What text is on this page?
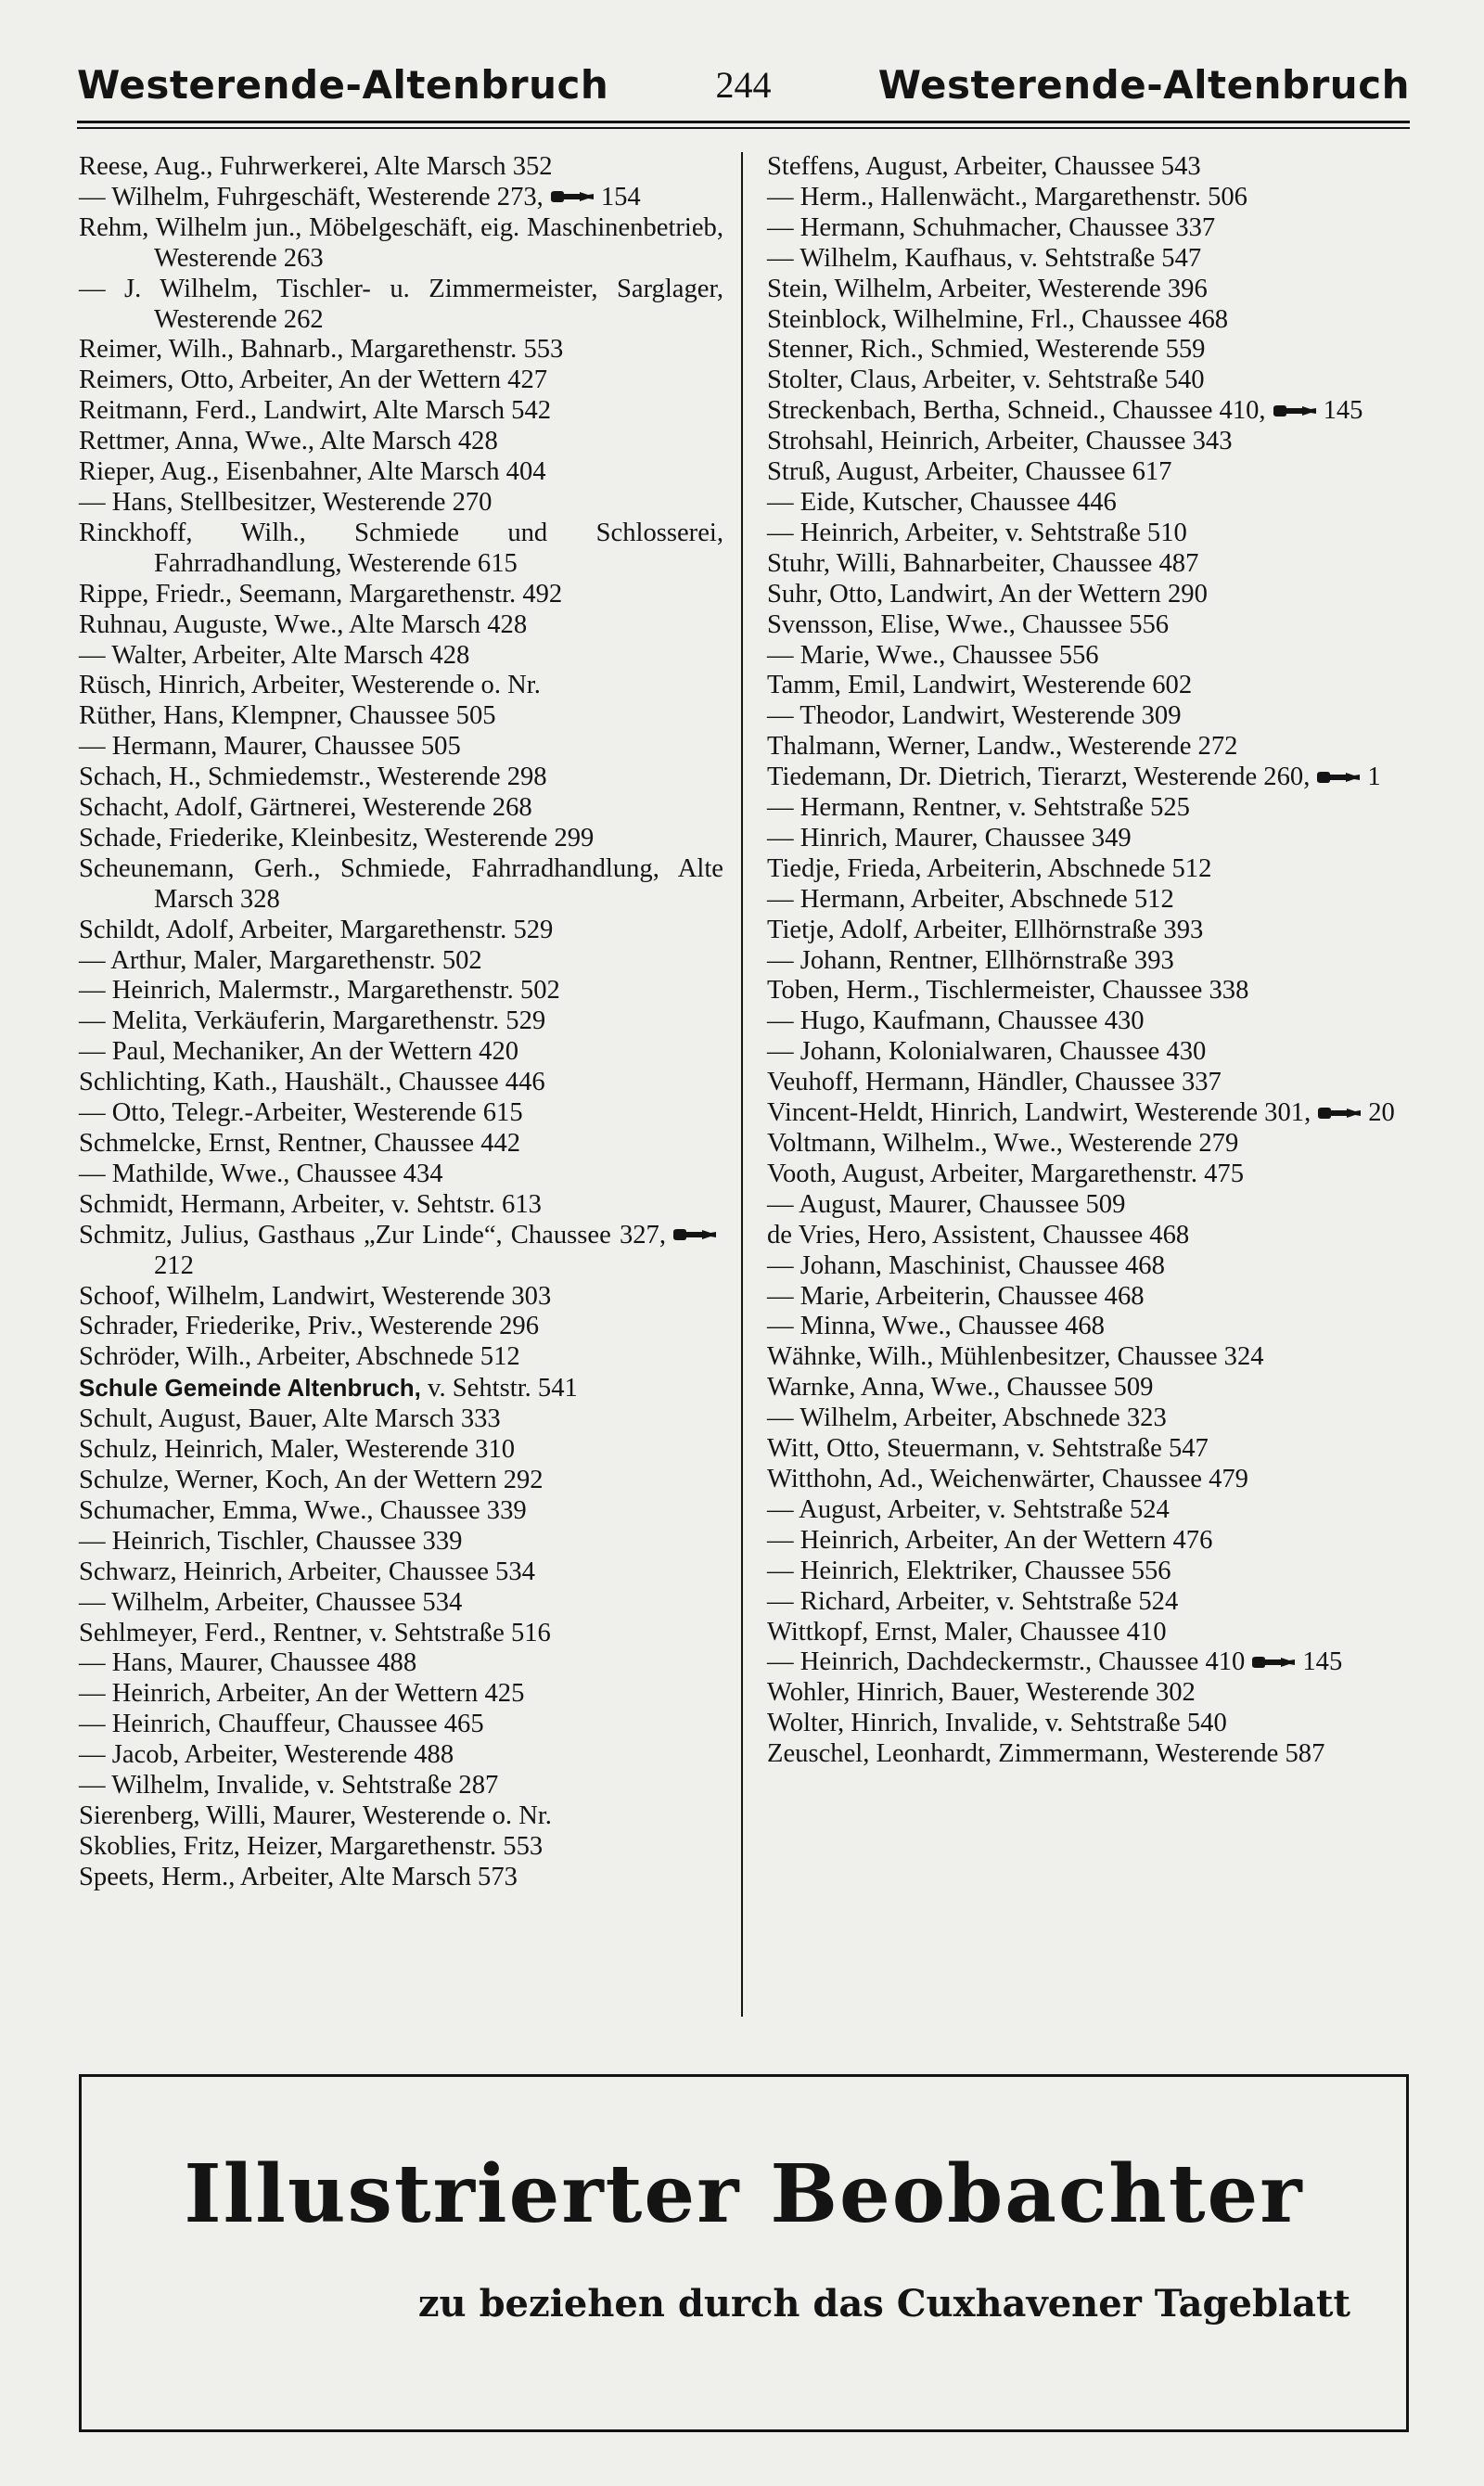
Westerende-Altenbruch	244	Westerende-Altenbruch
Reese, Aug., Fuhrwerkerei, Alte Marsch 352
— Wilhelm, Fuhrgeschäft, Westerende 273, 154
Rehm, Wilhelm jun., Möbelgeschäft, eig. Maschinenbetrieb, Westerende 263
— J. Wilhelm, Tischler- u. Zimmermeister, Sarglager, Westerende 262
Reimer, Wilh., Bahnarb., Margarethenstr. 553
Reimers, Otto, Arbeiter, An der Wettern 427
Reitmann, Ferd., Landwirt, Alte Marsch 542
Rettmer, Anna, Wwe., Alte Marsch 428
Rieper, Aug., Eisenbahner, Alte Marsch 404
— Hans, Stellbesitzer, Westerende 270
Rinckhoff, Wilh., Schmiede und Schlosserei, Fahrradhandlung, Westerende 615
Rippe, Friedr., Seemann, Margarethenstr. 492
Ruhnau, Auguste, Wwe., Alte Marsch 428
— Walter, Arbeiter, Alte Marsch 428
Rüsch, Hinrich, Arbeiter, Westerende o. Nr.
Rüther, Hans, Klempner, Chaussee 505
— Hermann, Maurer, Chaussee 505
Schach, H., Schmiedemstr., Westerende 298
Schacht, Adolf, Gärtnerei, Westerende 268
Schade, Friederike, Kleinbesitz, Westerende 299
Scheunemann, Gerh., Schmiede, Fahrradhandlung, Alte Marsch 328
Schildt, Adolf, Arbeiter, Margarethenstr. 529
— Arthur, Maler, Margarethenstr. 502
— Heinrich, Malermstr., Margarethenstr. 502
— Melita, Verkäuferin, Margarethenstr. 529
— Paul, Mechaniker, An der Wettern 420
Schlichting, Kath., Haushält., Chaussee 446
— Otto, Telegr.-Arbeiter, Westerende 615
Schmelcke, Ernst, Rentner, Chaussee 442
— Mathilde, Wwe., Chaussee 434
Schmidt, Hermann, Arbeiter, v. Sehtstr. 613
Schmitz, Julius, Gasthaus „Zur Linde“, Chaussee 327,212
Schoof, Wilhelm, Landwirt, Westerende 303
Schrader, Friederike, Priv., Westerende 296
Schröder, Wilh., Arbeiter, Abschnede 512
Schule Gemeinde Altenbruch, v. Sehtstr. 541
Schult, August, Bauer, Alte Marsch 333
Schulz, Heinrich, Maler, Westerende 310
Schulze, Werner, Koch, An der Wettern 292
Schumacher, Emma, Wwe., Chaussee 339
— Heinrich, Tischler, Chaussee 339
Schwarz, Heinrich, Arbeiter, Chaussee 534
— Wilhelm, Arbeiter, Chaussee 534
Sehlmeyer, Ferd., Rentner, v. Sehtstraße 516
— Hans, Maurer, Chaussee 488
— Heinrich, Arbeiter, An der Wettern 425
— Heinrich, Chauffeur, Chaussee 465
— Jacob, Arbeiter, Westerende 488
— Wilhelm, Invalide, v. Sehtstraße 287
Sierenberg, Willi, Maurer, Westerende o. Nr.
Skoblies, Fritz, Heizer, Margarethenstr. 553
Speets, Herm., Arbeiter, Alte Marsch 573
Steffens, August, Arbeiter, Chaussee 543
— Herm., Hallenwächt., Margarethenstr. 506
— Hermann, Schuhmacher, Chaussee 337
— Wilhelm, Kaufhaus, v. Sehtstraße 547
Stein, Wilhelm, Arbeiter, Westerende 396
Steinblock, Wilhelmine, Frl., Chaussee 468
Stenner, Rich., Schmied, Westerende 559
Stolter, Claus, Arbeiter, v. Sehtstraße 540
Streckenbach, Bertha, Schneid., Chaussee 410, 145
Strohsahl, Heinrich, Arbeiter, Chaussee 343
Struß, August, Arbeiter, Chaussee 617
— Eide, Kutscher, Chaussee 446
— Heinrich, Arbeiter, v. Sehtstraße 510
Stuhr, Willi, Bahnarbeiter, Chaussee 487
Suhr, Otto, Landwirt, An der Wettern 290
Svensson, Elise, Wwe., Chaussee 556
— Marie, Wwe., Chaussee 556
Tamm, Emil, Landwirt, Westerende 602
— Theodor, Landwirt, Westerende 309
Thalmann, Werner, Landw., Westerende 272
Tiedemann, Dr. Dietrich, Tierarzt, Westerende 260, 1
— Hermann, Rentner, v. Sehtstraße 525
— Hinrich, Maurer, Chaussee 349
Tiedje, Frieda, Arbeiterin, Abschnede 512
— Hermann, Arbeiter, Abschnede 512
Tietje, Adolf, Arbeiter, Ellhörnstraße 393
— Johann, Rentner, Ellhörnstraße 393
Toben, Herm., Tischlermeister, Chaussee 338
— Hugo, Kaufmann, Chaussee 430
— Johann, Kolonialwaren, Chaussee 430
Veuhoff, Hermann, Händler, Chaussee 337
Vincent-Heldt, Hinrich, Landwirt, Westerende 301, 20
Voltmann, Wilhelm., Wwe., Westerende 279
Vooth, August, Arbeiter, Margarethenstr. 475
— August, Maurer, Chaussee 509
de Vries, Hero, Assistent, Chaussee 468
— Johann, Maschinist, Chaussee 468
— Marie, Arbeiterin, Chaussee 468
— Minna, Wwe., Chaussee 468
Wähnke, Wilh., Mühlenbesitzer, Chaussee 324
Warnke, Anna, Wwe., Chaussee 509
— Wilhelm, Arbeiter, Abschnede 323
Witt, Otto, Steuermann, v. Sehtstraße 547
Witthohn, Ad., Weichenwärter, Chaussee 479
— August, Arbeiter, v. Sehtstraße 524
— Heinrich, Arbeiter, An der Wettern 476
— Heinrich, Elektriker, Chaussee 556
— Richard, Arbeiter, v. Sehtstraße 524
Wittkopf, Ernst, Maler, Chaussee 410
— Heinrich, Dachdeckermstr., Chaussee 410 145
Wohler, Hinrich, Bauer, Westerende 302
Wolter, Hinrich, Invalide, v. Sehtstraße 540
Zeuschel, Leonhardt, Zimmermann, Westerende 587
Illustrierter Beobachter
zu beziehen durch das Cuxhavener Tageblatt
